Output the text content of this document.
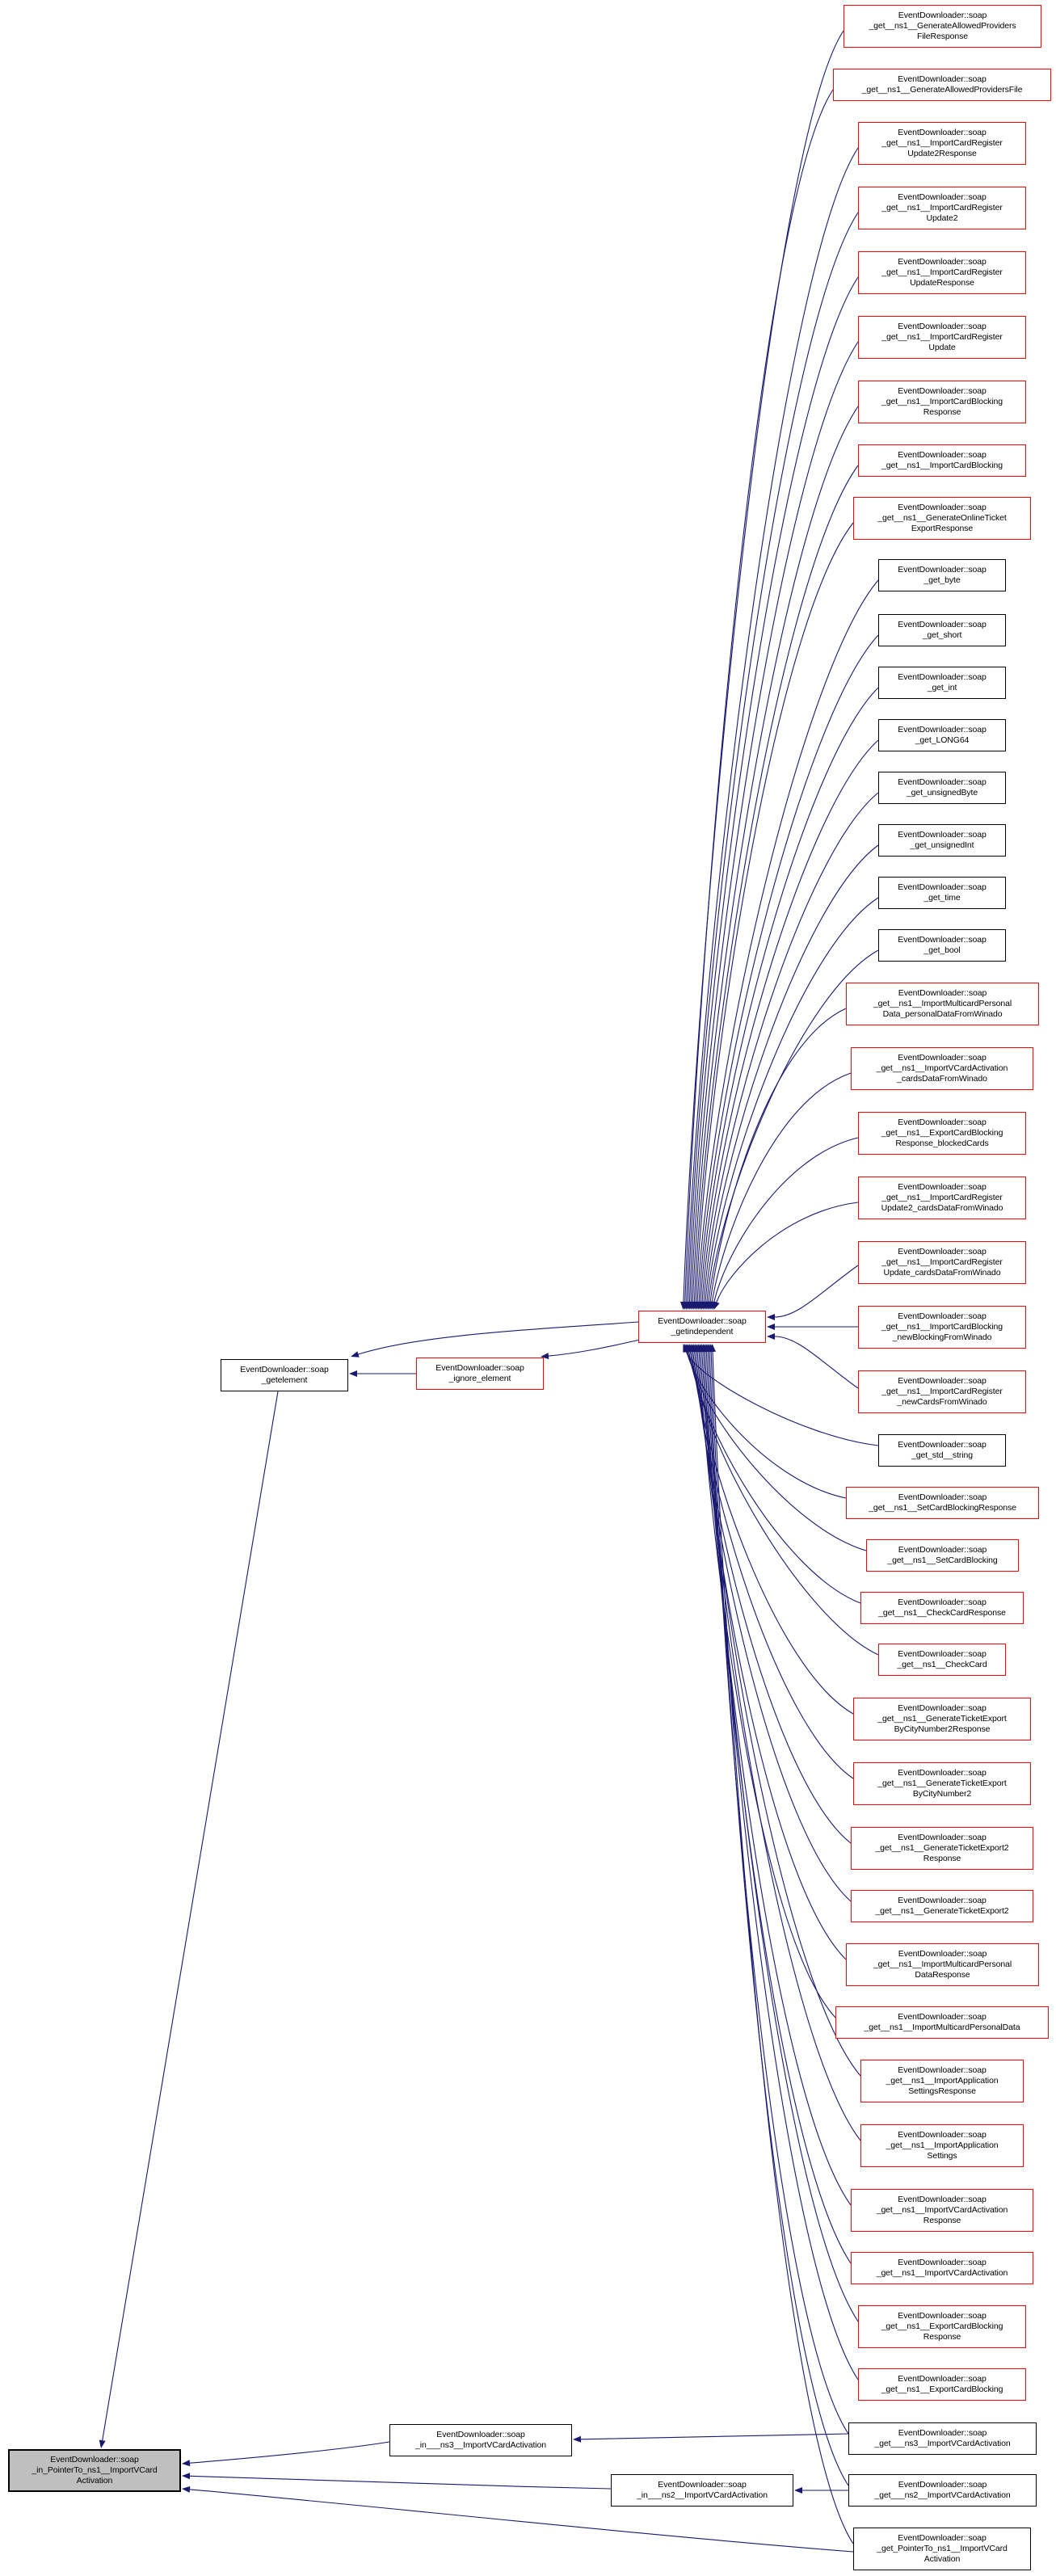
EventDownloader::soap
_get__ns1__GenerateAllowedProviders
FileResponse
EventDownloader::soap
_get__ns1__GenerateAllowedProvidersFile
EventDownloader::soap
_get__ns1__ImportCardRegister
Update2Response
EventDownloader::soap
_get__ns1__ImportCardRegister
Update2
EventDownloader::soap
_get__ns1__ImportCardRegister
UpdateResponse
EventDownloader::soap
_get__ns1__ImportCardRegister
Update
EventDownloader::soap
_get__ns1__ImportCardBlocking
Response
EventDownloader::soap
_get__ns1__ImportCardBlocking
EventDownloader::soap
_get__ns1__GenerateOnlineTicket
ExportResponse
EventDownloader::soap
_get_byte
EventDownloader::soap
_get_short
EventDownloader::soap
_get_int
EventDownloader::soap
_get_LONG64
EventDownloader::soap
_get_unsignedByte
EventDownloader::soap
_get_unsignedInt
EventDownloader::soap
_get_time
EventDownloader::soap
_get_bool
EventDownloader::soap
_get__ns1__ImportMulticardPersonal
Data_personalDataFromWinado
EventDownloader::soap
_get__ns1__ImportVCardActivation
_cardsDataFromWinado
EventDownloader::soap
_get__ns1__ExportCardBlocking
Response_blockedCards
EventDownloader::soap
_get__ns1__ImportCardRegister
Update2_cardsDataFromWinado
EventDownloader::soap
_get__ns1__ImportCardRegister
Update_cardsDataFromWinado
EventDownloader::soap
_get__ns1__ImportCardBlocking
_newBlockingFromWinado
EventDownloader::soap
_get__ns1__ImportCardRegister
_newCardsFromWinado
EventDownloader::soap
_get_std__string
EventDownloader::soap
_get__ns1__SetCardBlockingResponse
EventDownloader::soap
_get__ns1__SetCardBlocking
EventDownloader::soap
_get__ns1__CheckCardResponse
EventDownloader::soap
_get__ns1__CheckCard
EventDownloader::soap
_get__ns1__GenerateTicketExport
ByCityNumber2Response
EventDownloader::soap
_get__ns1__GenerateTicketExport
ByCityNumber2
EventDownloader::soap
_get__ns1__GenerateTicketExport2
Response
EventDownloader::soap
_get__ns1__GenerateTicketExport2
EventDownloader::soap
_get__ns1__ImportMulticardPersonal
DataResponse
EventDownloader::soap
_get__ns1__ImportMulticardPersonalData
EventDownloader::soap
_get__ns1__ImportApplication
SettingsResponse
EventDownloader::soap
_get__ns1__ImportApplication
Settings
EventDownloader::soap
_get__ns1__ImportVCardActivation
Response
EventDownloader::soap
_get__ns1__ImportVCardActivation
EventDownloader::soap
_get__ns1__ExportCardBlocking
Response
EventDownloader::soap
_get__ns1__ExportCardBlocking
EventDownloader::soap
_get___ns3__ImportVCardActivation
EventDownloader::soap
_get___ns2__ImportVCardActivation
EventDownloader::soap
_get_PointerTo_ns1__ImportVCard
Activation
EventDownloader::soap
_getindependent
EventDownloader::soap
_getelement
EventDownloader::soap
_ignore_element
EventDownloader::soap
_in___ns3__ImportVCardActivation
EventDownloader::soap
_in___ns2__ImportVCardActivation
EventDownloader::soap
_in_PointerTo_ns1__ImportVCard
Activation
